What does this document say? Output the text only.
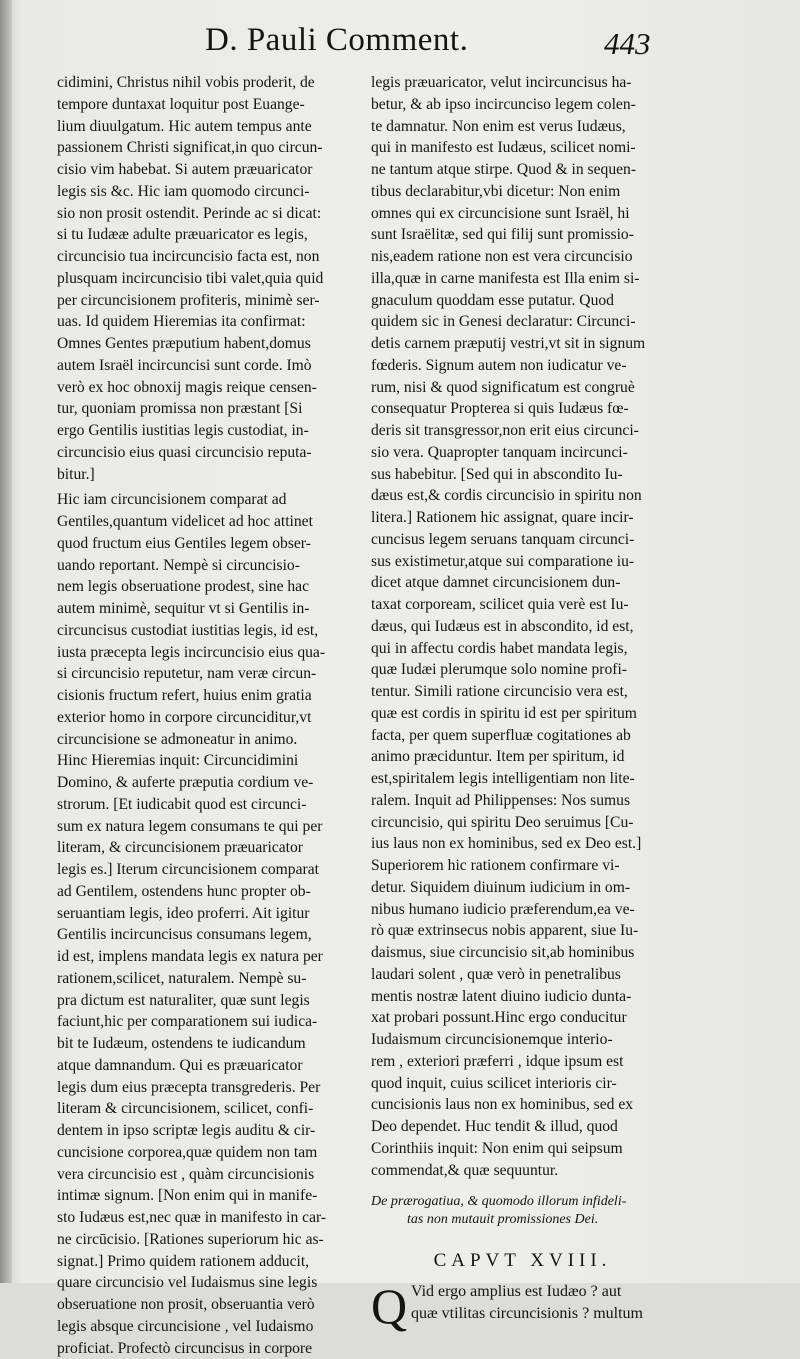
D. Pauli Comment.	443
cidimini, Christus nihil vobis proderit, de
tempore duntaxat loquitur post Euange-
lium diuulgatum. Hic autem tempus ante
passionem Christi significat,in quo circun-
cisio vim habebat. Si autem præuaricator
legis sis &c. Hic iam quomodo circunci-
sio non prosit ostendit. Perinde ac si dicat:
si tu Iudææ adulte præuaricator es legis,
circuncisio tua incircuncisio facta est, non
plusquam incircuncisio tibi valet,quia quid
per circuncisionem profiteris, minimè ser-
uas. Id quidem Hieremias ita confirmat:
Omnes Gentes præputium habent,domus
autem Israël incircuncisi sunt corde. Imò
verò ex hoc obnoxij magis reique censen-
tur, quoniam promissa non præstant [Si
ergo Gentilis iustitias legis custodiat, in-
circuncisio eius quasi circuncisio reputa-
bitur.]
Hic iam circuncisionem comparat ad
Gentiles,quantum videlicet ad hoc attinet
quod fructum eius Gentiles legem obser-
uando reportant. Nempè si circuncisio-
nem legis obseruatione prodest, sine hac
autem minimè, sequitur vt si Gentilis in-
circuncisus custodiat iustitias legis, id est,
iusta præcepta legis incircuncisio eius qua-
si circuncisio reputetur, nam veræ circun-
cisionis fructum refert, huius enim gratia
exterior homo in corpore circunciditur,vt
circuncisione se admoneatur in animo.
Hinc Hieremias inquit: Circuncidimini
Domino, & auferte præputia cordium ve-
strorum. [Et iudicabit quod est circunci-
sum ex natura legem consumans te qui per
literam, & circuncisionem præuaricator
legis es.] Iterum circuncisionem comparat
ad Gentilem, ostendens hunc propter ob-
seruantiam legis, ideo proferri. Ait igitur
Gentilis incircuncisus consumans legem,
id est, implens mandata legis ex natura per
rationem,scilicet, naturalem. Nempè su-
pra dictum est naturaliter, quæ sunt legis
faciunt,hic per comparationem sui iudica-
bit te Iudæum, ostendens te iudicandum
atque damnandum. Qui es præuaricator
legis dum eius præcepta transgrederis. Per
literam & circuncisionem, scilicet, confi-
dentem in ipso scriptæ legis auditu & cir-
cuncisione corporea,quæ quidem non tam
vera circuncisio est , quàm circuncisionis
intimæ signum. [Non enim qui in manife-
sto Iudæus est,nec quæ in manifesto in car-
ne circūcisio. [Rationes superiorum hic as-
signat.] Primo quidem rationem adducit,
quare circuncisio vel Iudaismus sine legis
obseruatione non prosit, obseruantia verò
legis absque circuncisione , vel Iudaismo
proficiat. Profectò circuncisus in corpore
legis præuaricator, velut incircuncisus ha-
betur, & ab ipso incircunciso legem colen-
te damnatur. Non enim est verus Iudæus,
qui in manifesto est Iudæus, scilicet nomi-
ne tantum atque stirpe. Quod & in sequen-
tibus declarabitur,vbi dicetur: Non enim
omnes qui ex circuncisione sunt Israël, hi
sunt Israëlitæ, sed qui filij sunt promissio-
nis,eadem ratione non est vera circuncisio
illa,quæ in carne manifesta est Illa enim si-
gnaculum quoddam esse putatur. Quod
quidem sic in Genesi declaratur: Circunci-
detis carnem præputij vestri,vt sit in signum
fœderis. Signum autem non iudicatur ve-
rum, nisi & quod significatum est congruè
consequatur Propterea si quis Iudæus fœ-
deris sit transgressor,non erit eius circunci-
sio vera. Quapropter tanquam incircunci-
sus habebitur. [Sed qui in abscondito Iu-
dæus est,& cordis circuncisio in spiritu non
litera.] Rationem hic assignat, quare incir-
cuncisus legem seruans tanquam circunci-
sus existimetur,atque sui comparatione iu-
dicet atque damnet circuncisionem dun-
taxat corpoream, scilicet quia verè est Iu-
dæus, qui Iudæus est in abscondito, id est,
qui in affectu cordis habet mandata legis,
quæ Iudæi plerumque solo nomine profi-
tentur. Simili ratione circuncisio vera est,
quæ est cordis in spiritu id est per spiritum
facta, per quem superfluæ cogitationes ab
animo præciduntur. Item per spiritum, id
est,spiritalem legis intelligentiam non lite-
ralem. Inquit ad Philippenses: Nos sumus
circuncisio, qui spiritu Deo seruimus [Cu-
ius laus non ex hominibus, sed ex Deo est.]
Superiorem hic rationem confirmare vi-
detur. Siquidem diuinum iudicium in om-
nibus humano iudicio præferendum,ea ve-
rò quæ extrinsecus nobis apparent, siue Iu-
daismus, siue circuncisio sit,ab hominibus
laudari solent , quæ verò in penetralibus
mentis nostræ latent diuino iudicio dunta-
xat probari possunt.Hinc ergo conducitur
Iudaismum circuncisionemque interio-
rem , exteriori præferri , idque ipsum est
quod inquit, cuius scilicet interioris cir-
cuncisionis laus non ex hominibus, sed ex
Deo dependet. Huc tendit & illud, quod
Corinthiis inquit: Non enim qui seipsum
commendat,& quæ sequuntur.
De prærogatiua, & quomodo illorum infideli-
tas non mutauit promissiones Dei.
CAPVT XVIII.
Q Vid ergo amplius est Iudæo ? aut
quæ vtilitas circuncisionis ? multum
